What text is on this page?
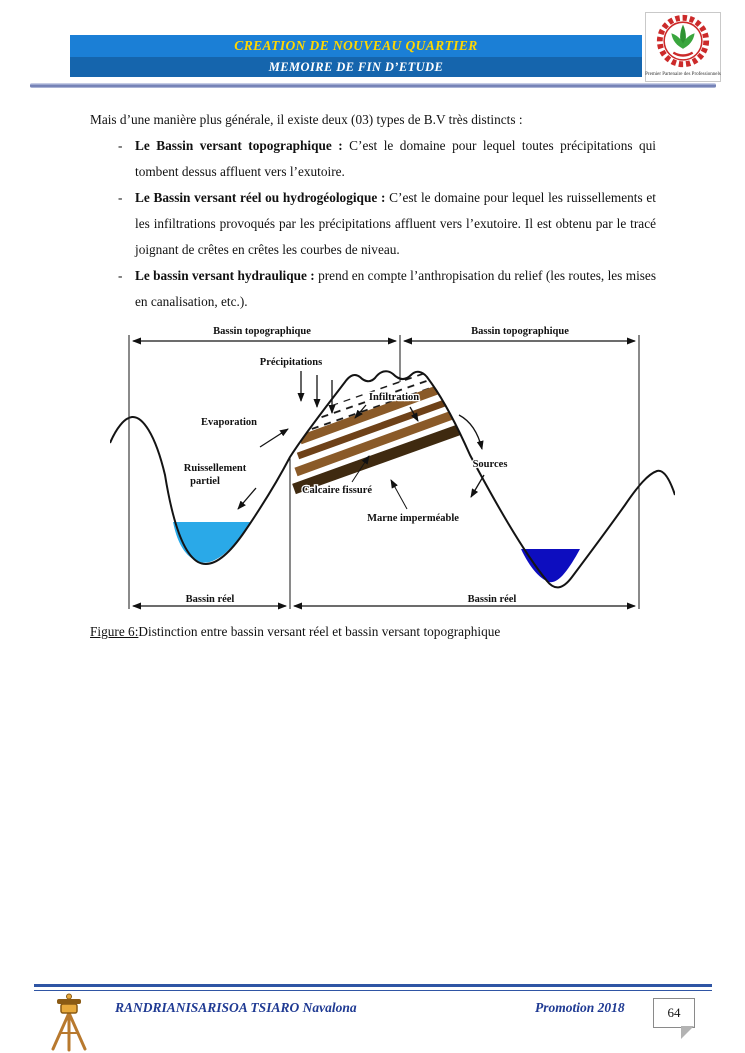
CREATION DE NOUVEAU QUARTIER
MEMOIRE DE FIN D’ETUDE
Premier Partenaire des Professionnels

Mais d’une manière plus générale, il existe deux (03) types de B.V très distincts :

- Le Bassin versant topographique : C’est le domaine pour lequel toutes précipitations qui tombent dessus affluent vers l’exutoire.
- Le Bassin versant réel ou hydrogéologique : C’est le domaine pour lequel les ruissellements et les infiltrations provoqués par les précipitations affluent vers l’exutoire. Il est obtenu par le tracé joignant de crêtes en crêtes les courbes de niveau.
- Le bassin versant hydraulique : prend en compte l’anthropisation du relief (les routes, les mises en canalisation, etc.).
Bassin topographique	Bassin topographique
Précipitations
Infiltration
Evaporation
Sources
Ruissellement
partiel
Calcaire fissuré
Marne imperméable
Bassin réel	Bassin réel

Figure 6:Distinction entre bassin versant réel et bassin versant topographique

RANDRIANISARISOA TSIARO Navalona	Promotion 2018	64
